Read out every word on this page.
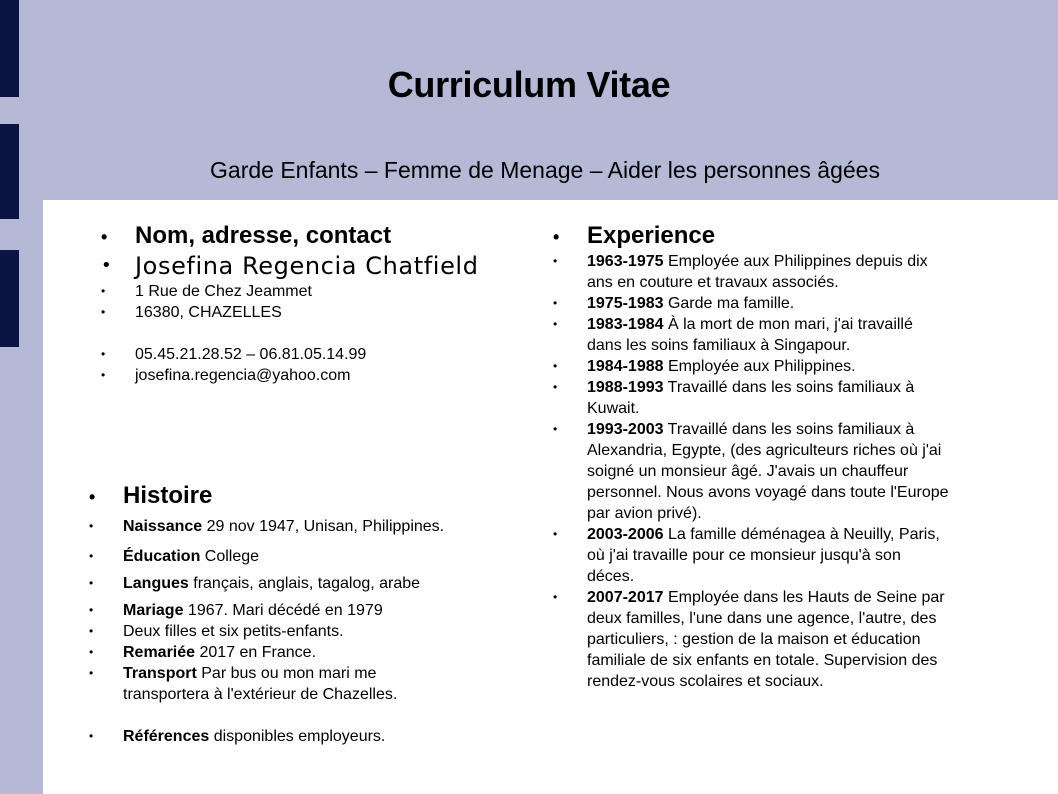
Curriculum Vitae
Garde Enfants – Femme de Menage – Aider les personnes âgées
• Nom, adresse, contact
• Josefina Regencia Chatfield
• 1 Rue de Chez Jeammet
• 16380, CHAZELLES
• 05.45.21.28.52 – 06.81.05.14.99
• josefina.regencia@yahoo.com
• Histoire
• Naissance 29 nov 1947, Unisan, Philippines.
• Éducation College
• Langues français, anglais, tagalog, arabe
• Mariage 1967. Mari décédé en 1979
• Deux filles et six petits-enfants.
• Remariée 2017 en France.
• Transport Par bus ou mon mari me transportera à l'extérieur de Chazelles.
• Références disponibles employeurs.
• Experience
• 1963-1975 Employée aux Philippines depuis dix ans en couture et travaux associés.
• 1975-1983 Garde ma famille.
• 1983-1984 À la mort de mon mari, j'ai travaillé dans les soins familiaux à Singapour.
• 1984-1988 Employée aux Philippines.
• 1988-1993 Travaillé dans les soins familiaux à Kuwait.
• 1993-2003 Travaillé dans les soins familiaux à Alexandria, Egypte, (des agriculteurs riches où j'ai soigné un monsieur âgé. J'avais un chauffeur personnel. Nous avons voyagé dans toute l'Europe par avion privé).
• 2003-2006 La famille déménagea à Neuilly, Paris, où j'ai travaille pour ce monsieur jusqu'à son déces.
• 2007-2017 Employée dans les Hauts de Seine par deux familles, l'une dans une agence, l'autre, des particuliers, : gestion de la maison et éducation familiale de six enfants en totale. Supervision des rendez-vous scolaires et sociaux.
